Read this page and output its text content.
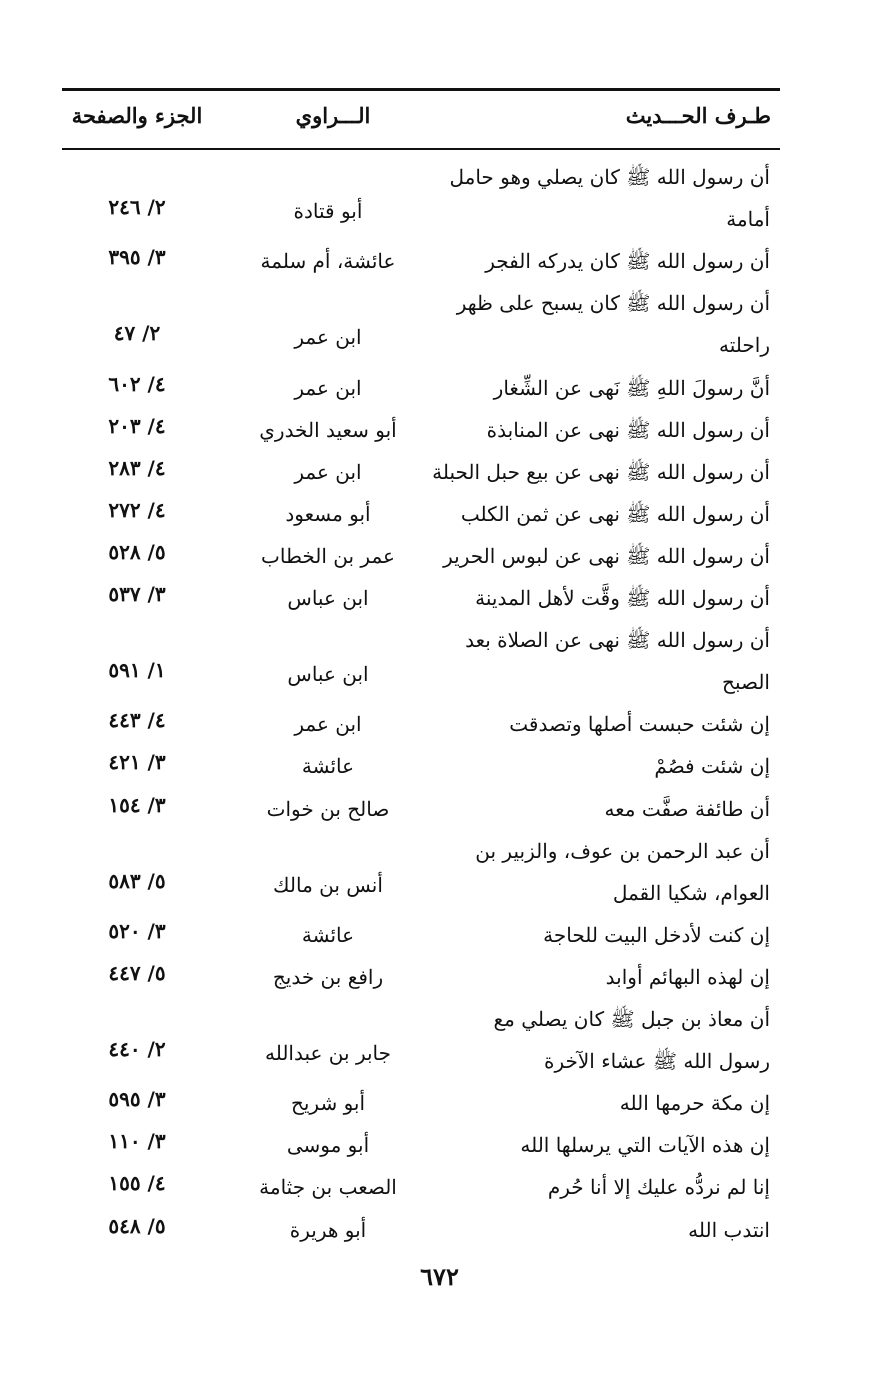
طـرف الحـــديث
الـــراوي
الجزء والصفحة
أن رسول الله ﷺ كان يصلي وهو حامل
أمامة
أبو قتادة
٢/ ٢٤٦
أن رسول الله ﷺ كان يدركه الفجر
عائشة، أم سلمة
٣/ ٣٩٥
أن رسول الله ﷺ كان يسبح على ظهر
راحلته
ابن عمر
٢/ ٤٧
أنَّ رسولَ اللهِ ﷺ نَهى عن الشِّغار
ابن عمر
٤/ ٦٠٢
أن رسول الله ﷺ نهى عن المنابذة
أبو سعيد الخدري
٤/ ٢٠٣
أن رسول الله ﷺ نهى عن بيع حبل الحبلة
ابن عمر
٤/ ٢٨٣
أن رسول الله ﷺ نهى عن ثمن الكلب
أبو مسعود
٤/ ٢٧٢
أن رسول الله ﷺ نهى عن لبوس الحرير
عمر بن الخطاب
٥/ ٥٢٨
أن رسول الله ﷺ وقَّت لأهل المدينة
ابن عباس
٣/ ٥٣٧
أن رسول الله ﷺ نهى عن الصلاة بعد
الصبح
ابن عباس
١/ ٥٩١
إن شئت حبست أصلها وتصدقت
ابن عمر
٤/ ٤٤٣
إن شئت فصُمْ
عائشة
٣/ ٤٢١
أن طائفة صفَّت معه
صالح بن خوات
٣/ ١٥٤
أن عبد الرحمن بن عوف، والزبير بن
العوام، شكيا القمل
أنس بن مالك
٥/ ٥٨٣
إن كنت لأدخل البيت للحاجة
عائشة
٣/ ٥٢٠
إن لهذه البهائم أوابد
رافع بن خديج
٥/ ٤٤٧
أن معاذ بن جبل ﷺ كان يصلي مع
رسول الله ﷺ عشاء الآخرة
جابر بن عبدالله
٢/ ٤٤٠
إن مكة حرمها الله
أبو شريح
٣/ ٥٩٥
إن هذه الآيات التي يرسلها الله
أبو موسى
٣/ ١١٠
إنا لم نردُّه عليك إلا أنا حُرم
الصعب بن جثامة
٤/ ١٥٥
انتدب الله
أبو هريرة
٥/ ٥٤٨
٦٧٢
